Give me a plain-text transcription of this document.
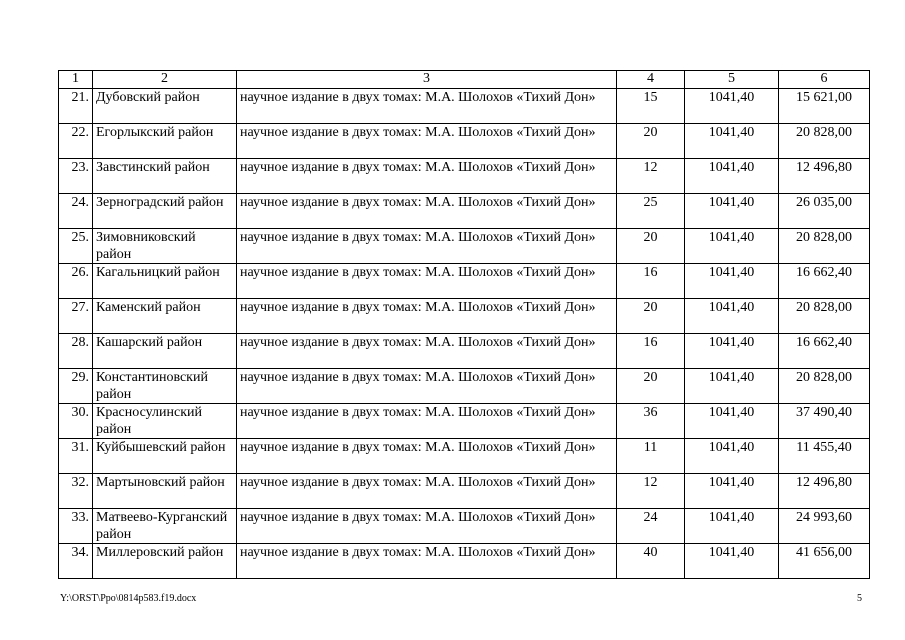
1	2	3	4	5	6
21.	Дубовский район	научное издание в двух томах: М.А. Шолохов «Тихий Дон»	15	1041,40	15 621,00
22.	Егорлыкский район	научное издание в двух томах: М.А. Шолохов «Тихий Дон»	20	1041,40	20 828,00
23.	Завстинский район	научное издание в двух томах: М.А. Шолохов «Тихий Дон»	12	1041,40	12 496,80
24.	Зерноградский район	научное издание в двух томах: М.А. Шолохов «Тихий Дон»	25	1041,40	26 035,00
25.	Зимовниковский район	научное издание в двух томах: М.А. Шолохов «Тихий Дон»	20	1041,40	20 828,00
26.	Кагальницкий район	научное издание в двух томах: М.А. Шолохов «Тихий Дон»	16	1041,40	16 662,40
27.	Каменский район	научное издание в двух томах: М.А. Шолохов «Тихий Дон»	20	1041,40	20 828,00
28.	Кашарский район	научное издание в двух томах: М.А. Шолохов «Тихий Дон»	16	1041,40	16 662,40
29.	Константиновский район	научное издание в двух томах: М.А. Шолохов «Тихий Дон»	20	1041,40	20 828,00
30.	Красносулинский район	научное издание в двух томах: М.А. Шолохов «Тихий Дон»	36	1041,40	37 490,40
31.	Куйбышевский район	научное издание в двух томах: М.А. Шолохов «Тихий Дон»	11	1041,40	11 455,40
32.	Мартыновский район	научное издание в двух томах: М.А. Шолохов «Тихий Дон»	12	1041,40	12 496,80
33.	Матвеево-Курганский район	научное издание в двух томах: М.А. Шолохов «Тихий Дон»	24	1041,40	24 993,60
34.	Миллеровский район	научное издание в двух томах: М.А. Шолохов «Тихий Дон»	40	1041,40	41 656,00
Y:\ORST\Ppo\0814p583.f19.docx	5
